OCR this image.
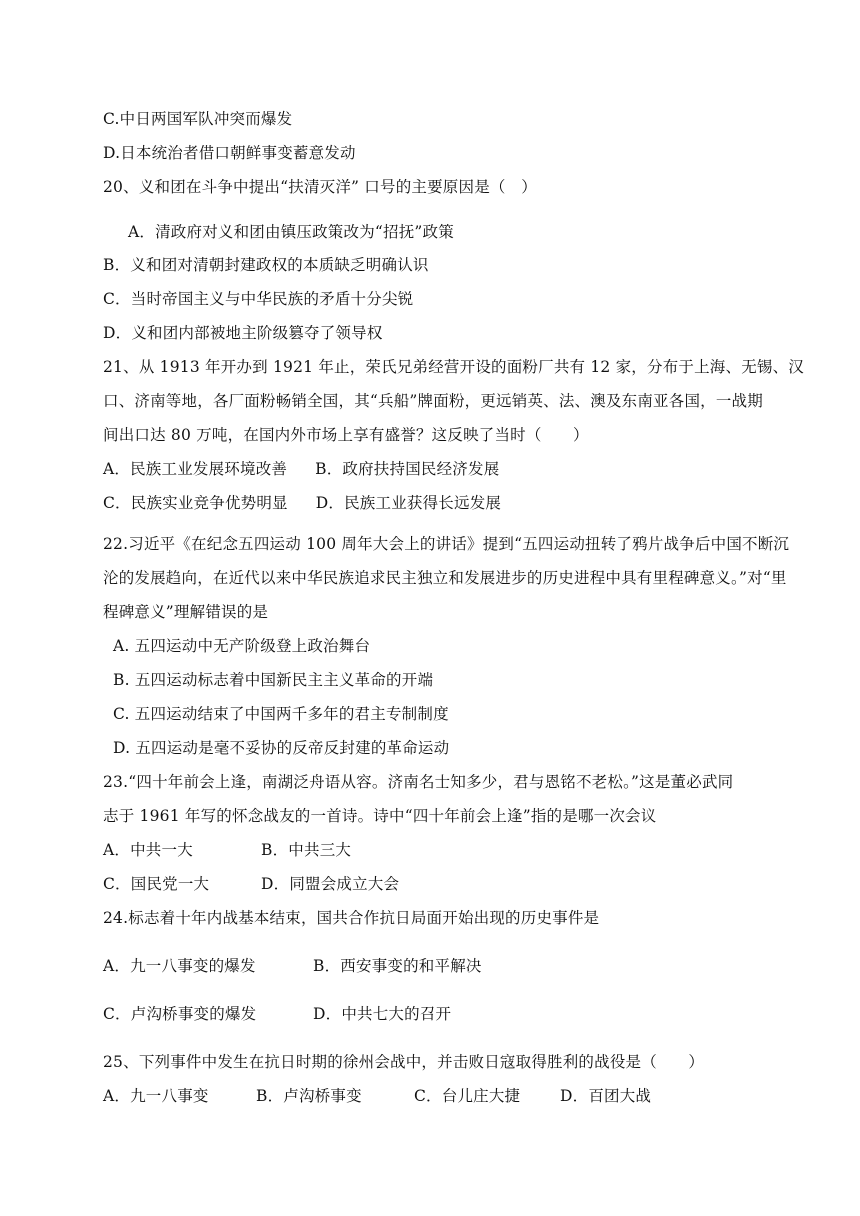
C.中日两国军队冲突而爆发
D.日本统治者借口朝鲜事变蓄意发动
20、义和团在斗争中提出“扶清灭洋” 口号的主要原因是（　）
A．清政府对义和团由镇压政策改为“招抚”政策
B．义和团对清朝封建政权的本质缺乏明确认识
C．当时帝国主义与中华民族的矛盾十分尖锐
D．义和团内部被地主阶级篡夺了领导权
21、从 1913 年开办到 1921 年止，荣氏兄弟经营开设的面粉厂共有 12 家，分布于上海、无锡、汉
口、济南等地，各厂面粉畅销全国，其“兵船”牌面粉，更远销英、法、澳及东南亚各国，一战期
间出口达 80 万吨，在国内外市场上享有盛誉？这反映了当时（　　）
A．民族工业发展环境改善 B．政府扶持国民经济发展
C．民族实业竞争优势明显 D．民族工业获得长远发展
22.习近平《在纪念五四运动 100 周年大会上的讲话》提到“五四运动扭转了鸦片战争后中国不断沉
沦的发展趋向，在近代以来中华民族追求民主独立和发展进步的历史进程中具有里程碑意义。”对“里
程碑意义”理解错误的是
A. 五四运动中无产阶级登上政治舞台
B. 五四运动标志着中国新民主主义革命的开端
C. 五四运动结束了中国两千多年的君主专制制度
D. 五四运动是毫不妥协的反帝反封建的革命运动
23.“四十年前会上逢，南湖泛舟语从容。济南名士知多少，君与恩铭不老松。”这是董必武同
志于 1961 年写的怀念战友的一首诗。诗中“四十年前会上逢”指的是哪一次会议
A．中共一大	B．中共三大
C．国民党一大	D．同盟会成立大会
24.标志着十年内战基本结束，国共合作抗日局面开始出现的历史事件是
A．九一八事变的爆发	B．西安事变的和平解决
C．卢沟桥事变的爆发	D．中共七大的召开
25、下列事件中发生在抗日时期的徐州会战中，并击败日寇取得胜利的战役是（　　）
A．九一八事变	B．卢沟桥事变	C．台儿庄大捷	D．百团大战
